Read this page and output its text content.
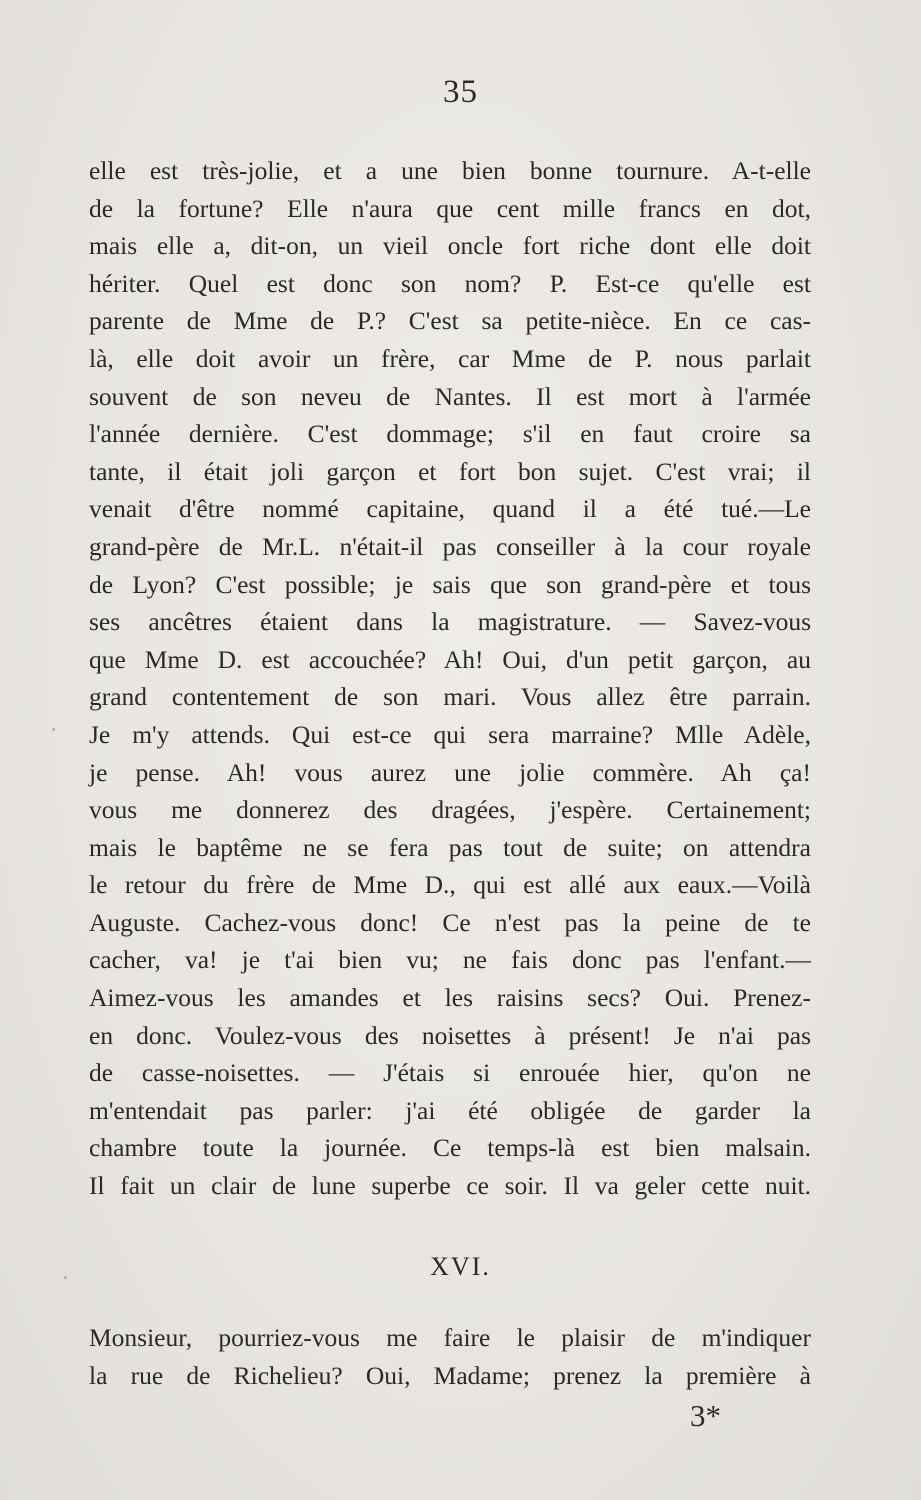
35
elle est très-jolie, et a une bien bonne tournure. A-t-elle
de la fortune? Elle n'aura que cent mille francs en dot,
mais elle a, dit-on, un vieil oncle fort riche dont elle doit
hériter. Quel est donc son nom? P. Est-ce qu'elle est
parente de Mme de P.? C'est sa petite-nièce. En ce cas-
là, elle doit avoir un frère, car Mme de P. nous parlait
souvent de son neveu de Nantes. Il est mort à l'armée
l'année dernière. C'est dommage; s'il en faut croire sa
tante, il était joli garçon et fort bon sujet. C'est vrai; il
venait d'être nommé capitaine, quand il a été tué.—Le
grand-père de Mr.L. n'était-il pas conseiller à la cour royale
de Lyon? C'est possible; je sais que son grand-père et tous
ses ancêtres étaient dans la magistrature. — Savez-vous
que Mme D. est accouchée? Ah! Oui, d'un petit garçon, au
grand contentement de son mari. Vous allez être parrain.
Je m'y attends. Qui est-ce qui sera marraine? Mlle Adèle,
je pense. Ah! vous aurez une jolie commère. Ah ça!
vous me donnerez des dragées, j'espère. Certainement;
mais le baptême ne se fera pas tout de suite; on attendra
le retour du frère de Mme D., qui est allé aux eaux.—Voilà
Auguste. Cachez-vous donc! Ce n'est pas la peine de te
cacher, va! je t'ai bien vu; ne fais donc pas l'enfant.—
Aimez-vous les amandes et les raisins secs? Oui. Prenez-
en donc. Voulez-vous des noisettes à présent! Je n'ai pas
de casse-noisettes. — J'étais si enrouée hier, qu'on ne
m'entendait pas parler: j'ai été obligée de garder la
chambre toute la journée. Ce temps-là est bien malsain.
Il fait un clair de lune superbe ce soir. Il va geler cette nuit.
XVI.
Monsieur, pourriez-vous me faire le plaisir de m'indiquer
la rue de Richelieu? Oui, Madame; prenez la première à
3*
